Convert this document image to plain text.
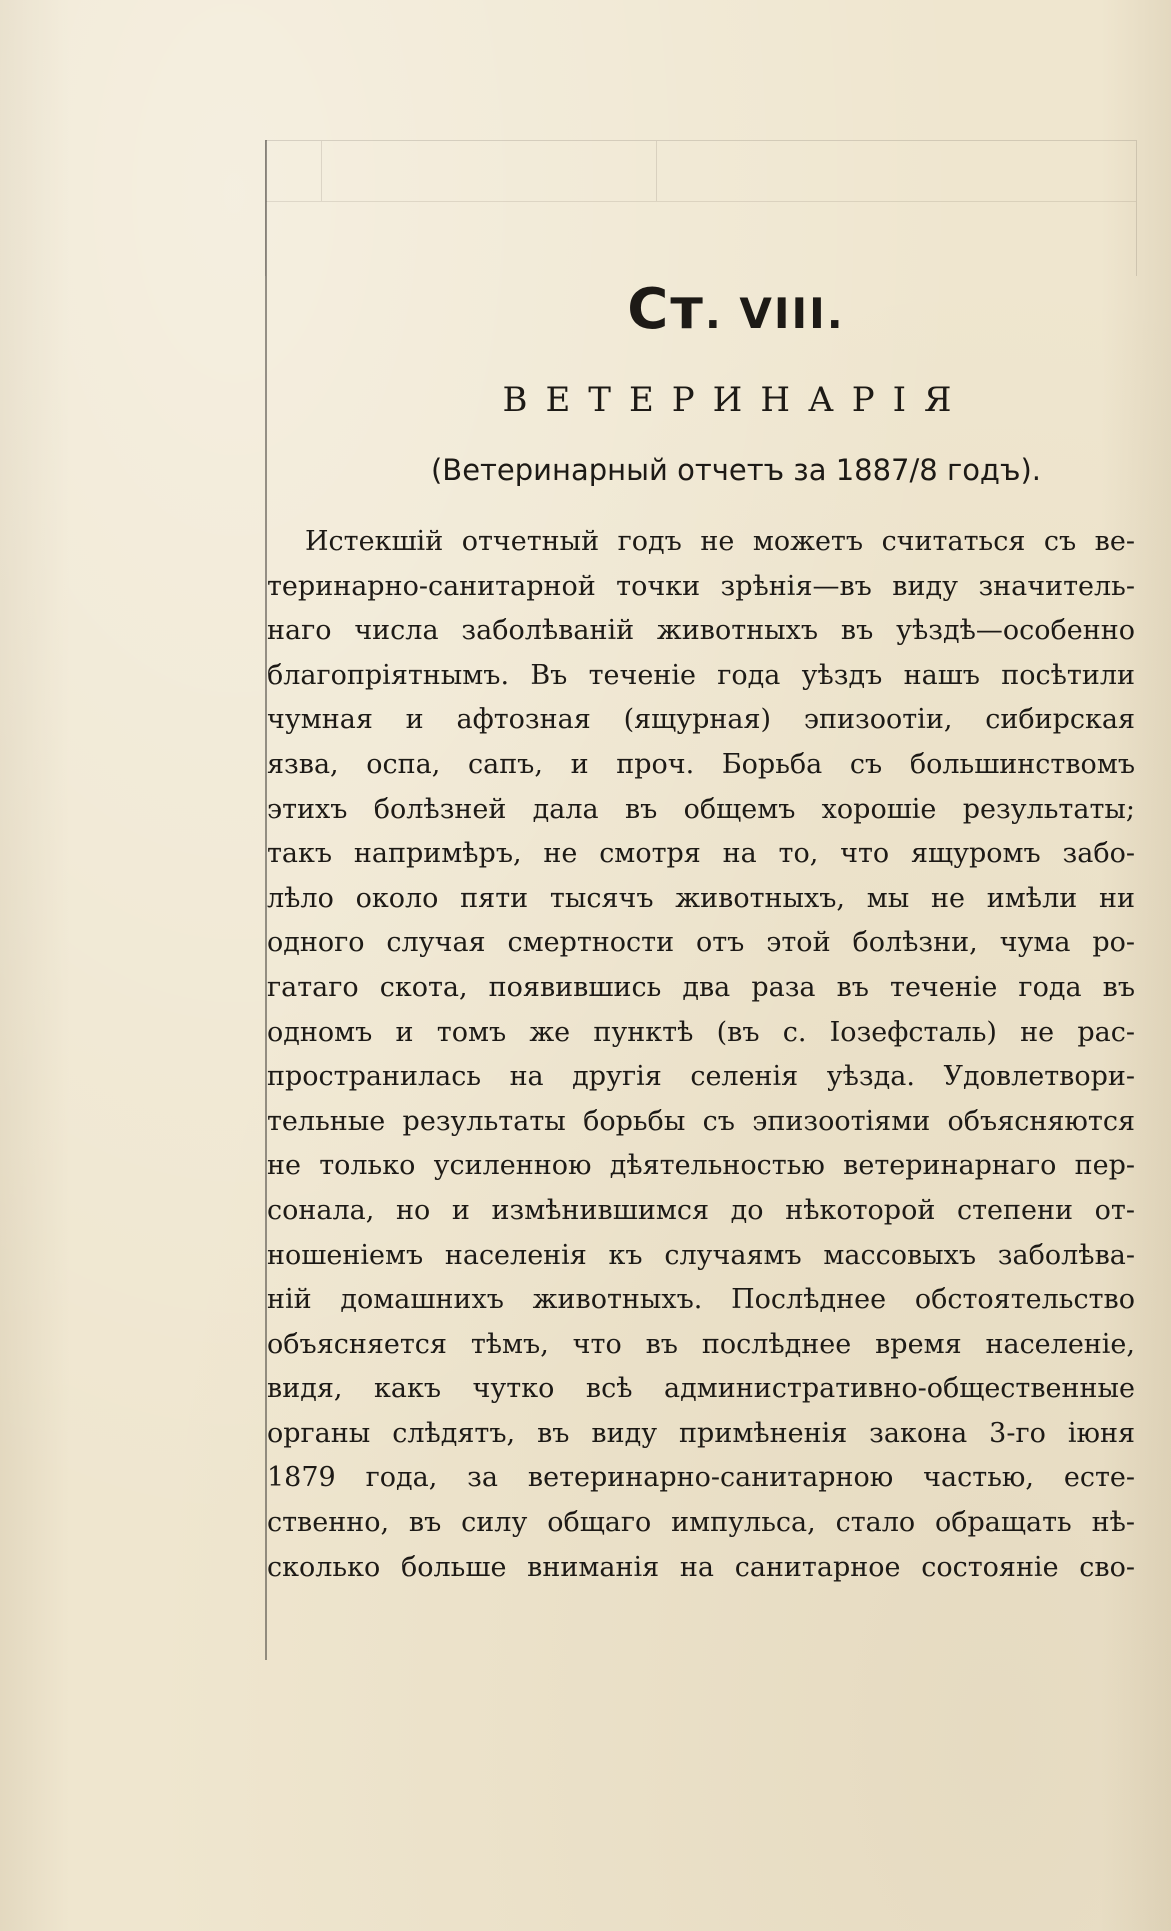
Ст. VIII.
ВЕТЕРИНАРІЯ
(Ветеринарный отчетъ за 1887/8 годъ).
Истекшій отчетный годъ не можетъ считаться съ ве-
теринарно-санитарной точки зрѣнія—въ виду значитель-
наго числа заболѣваній животныхъ въ уѣздѣ—особенно
благопріятнымъ. Въ теченіе года уѣздъ нашъ посѣтили
чумная и афтозная (ящурная) эпизоотіи, сибирская
язва, оспа, сапъ, и проч. Борьба съ большинствомъ
этихъ болѣзней дала въ общемъ хорошіе результаты;
такъ напримѣръ, не смотря на то, что ящуромъ забо-
лѣло около пяти тысячъ животныхъ, мы не имѣли ни
одного случая смертности отъ этой болѣзни, чума ро-
гатаго скота, появившись два раза въ теченіе года въ
одномъ и томъ же пунктѣ (въ с. Іозефсталь) не рас-
пространилась на другія селенія уѣзда. Удовлетвори-
тельные результаты борьбы съ эпизоотіями объясняются
не только усиленною дѣятельностью ветеринарнаго пер-
сонала, но и измѣнившимся до нѣкоторой степени от-
ношеніемъ населенія къ случаямъ массовыхъ заболѣва-
ній домашнихъ животныхъ. Послѣднее обстоятельство
объясняется тѣмъ, что въ послѣднее время населеніе,
видя, какъ чутко всѣ административно-общественные
органы слѣдятъ, въ виду примѣненія закона 3-го іюня
1879 года, за ветеринарно-санитарною частью, есте-
ственно, въ силу общаго импульса, стало обращать нѣ-
сколько больше вниманія на санитарное состояніе сво-
